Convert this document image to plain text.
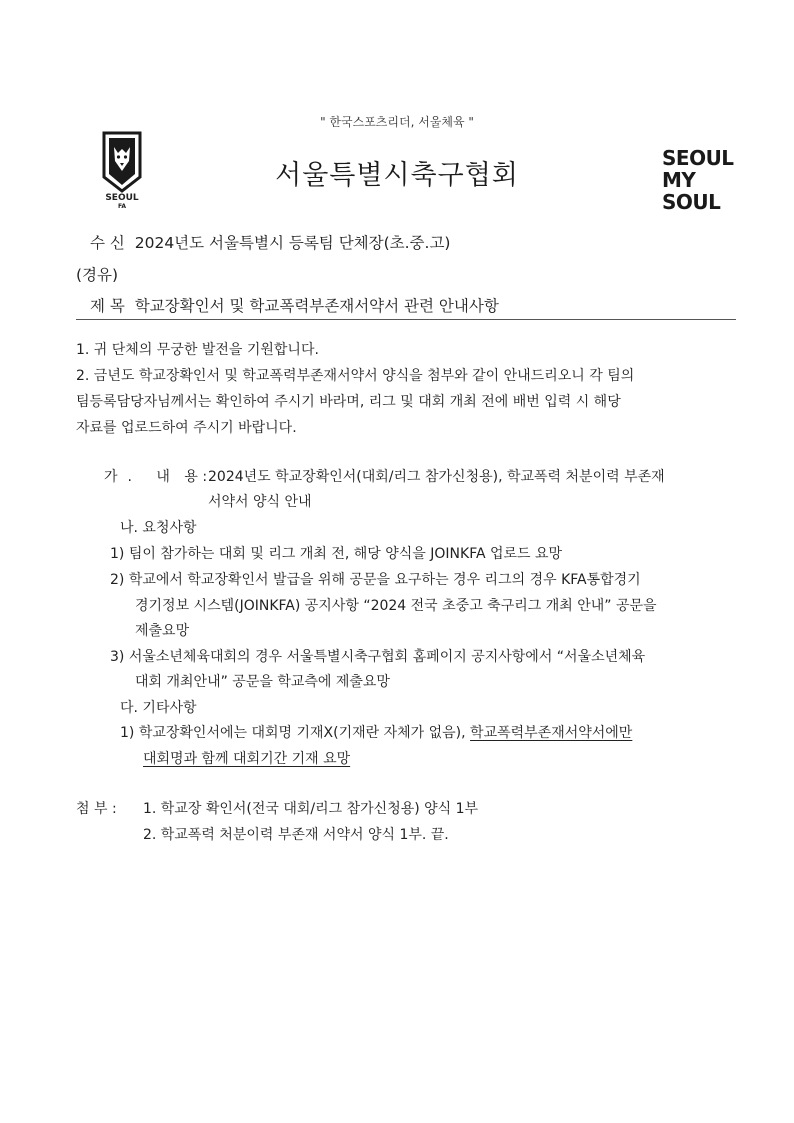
" 한국스포츠리더, 서울체육 "
SEOUL
FA
서울특별시축구협회
SEOUL
MY SOUL
수 신 2024년도 서울특별시 등록팀 단체장(초.중.고)
(경유)
제 목 학교장확인서 및 학교폭력부존재서약서 관련 안내사항
1. 귀 단체의 무궁한 발전을 기원합니다.
2. 금년도 학교장확인서 및 학교폭력부존재서약서 양식을 첨부와 같이 안내드리오니 각 팀의
팀등록담당자님께서는 확인하여 주시기 바라며, 리그 및 대회 개최 전에 배번 입력 시 해당
자료를 업로드하여 주시기 바랍니다.
가. 내 용 : 2024년도 학교장확인서(대회/리그 참가신청용), 학교폭력 처분이력 부존재
서약서 양식 안내
나. 요청사항
1) 팀이 참가하는 대회 및 리그 개최 전, 해당 양식을 JOINKFA 업로드 요망
2) 학교에서 학교장확인서 발급을 위해 공문을 요구하는 경우 리그의 경우 KFA통합경기
경기정보 시스템(JOINKFA) 공지사항 “2024 전국 초중고 축구리그 개최 안내” 공문을
제출요망
3) 서울소년체육대회의 경우 서울특별시축구협회 홈페이지 공지사항에서 “서울소년체육
대회 개최안내” 공문을 학교측에 제출요망
다. 기타사항
1) 학교장확인서에는 대회명 기재X(기재란 자체가 없음), 학교폭력부존재서약서에만
대회명과 함께 대회기간 기재 요망
첨 부 : 1. 학교장 확인서(전국 대회/리그 참가신청용) 양식 1부
2. 학교폭력 처분이력 부존재 서약서 양식 1부. 끝.
